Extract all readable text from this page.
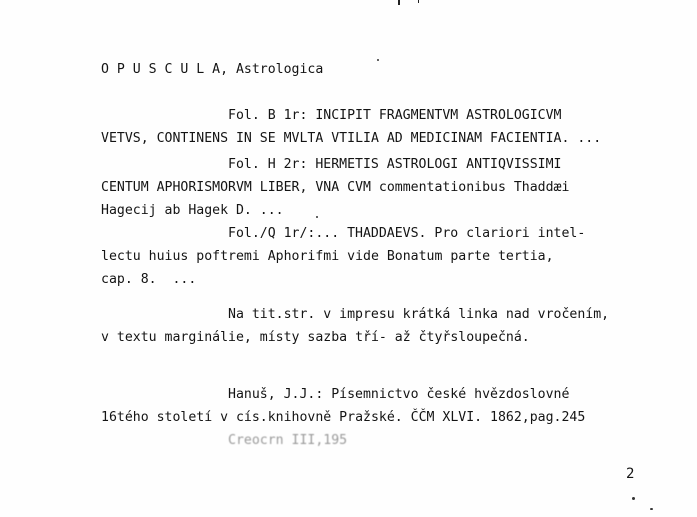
O P U S C U L A, Astrologica
Fol. B 1r: INCIPIT FRAGMENTVM ASTROLOGICVM
VETVS, CONTINENS IN SE MVLTA VTILIA AD MEDICINAM FACIENTIA. ...
Fol. H 2r: HERMETIS ASTROLOGI ANTIQVISSIMI
CENTUM APHORISMORVM LIBER, VNA CVM commentationibus Thaddæi
Hagecij ab Hagek D. ...
Fol./Q 1r/:... THADDAEVS. Pro clariori intel-
lectu huius poftremi Aphorifmi vide Bonatum parte tertia,
cap. 8.  ...
Na tit.str. v impresu krátká linka nad vročením,
v textu marginálie, místy sazba tří- až čtyřsloupečná.
Hanuš, J.J.: Písemnictvo české hvězdoslovné
16tého století v cís.knihovně Pražské. ČČM XLVI. 1862,pag.245
Creocrn III,195
2
